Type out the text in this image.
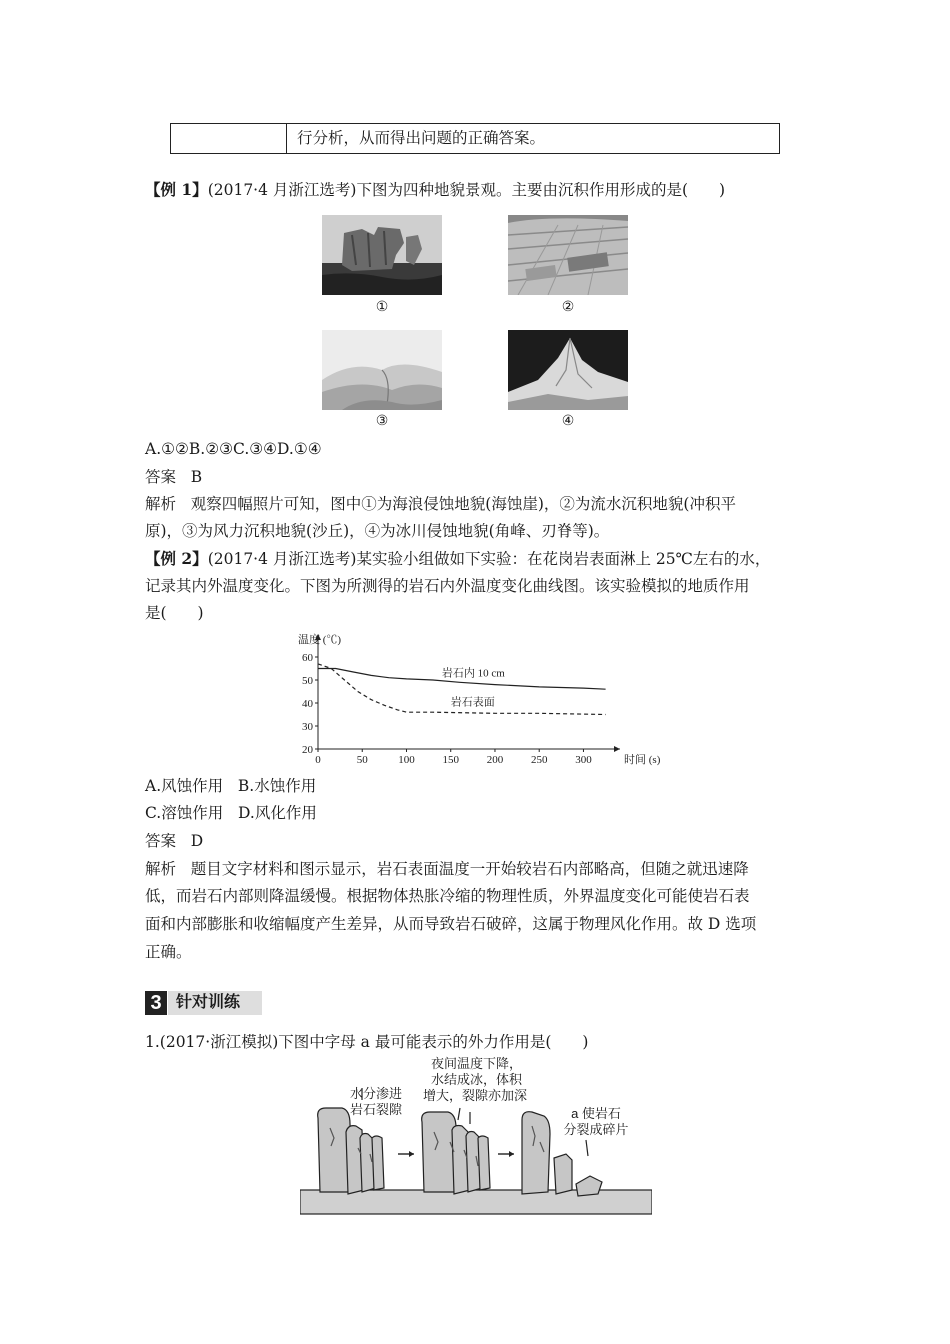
行分析，从而得出问题的正确答案。
【例 1】(2017·4 月浙江选考)下图为四种地貌景观。主要由沉积作用形成的是(　　)
①	②
③	④
A.①②B.②③C.③④D.①④
答案 B
解析 观察四幅照片可知，图中①为海浪侵蚀地貌(海蚀崖)，②为流水沉积地貌(冲积平
原)，③为风力沉积地貌(沙丘)，④为冰川侵蚀地貌(角峰、刃脊等)。
【例 2】(2017·4 月浙江选考)某实验小组做如下实验：在花岗岩表面淋上 25℃左右的水，
记录其内外温度变化。下图为所测得的岩石内外温度变化曲线图。该实验模拟的地质作用
是(　　)
20
30
40
50
60
0	50	100	150	200	250	300
温度 (℃)
时间 (s)
岩石内 10 cm
岩石表面
A.风蚀作用 B.水蚀作用
C.溶蚀作用 D.风化作用
答案 D
解析 题目文字材料和图示显示，岩石表面温度一开始较岩石内部略高，但随之就迅速降
低，而岩石内部则降温缓慢。根据物体热胀冷缩的物理性质，外界温度变化可能使岩石表
面和内部膨胀和收缩幅度产生差异，从而导致岩石破碎，这属于物理风化作用。故 D 选项
正确。
3 针对训练
1.(2017·浙江模拟)下图中字母 a 最可能表示的外力作用是(　　)
水分渗进
岩石裂隙
夜间温度下降，
水结成冰，体积
增大，裂隙亦加深
a 使岩石
分裂成碎片
